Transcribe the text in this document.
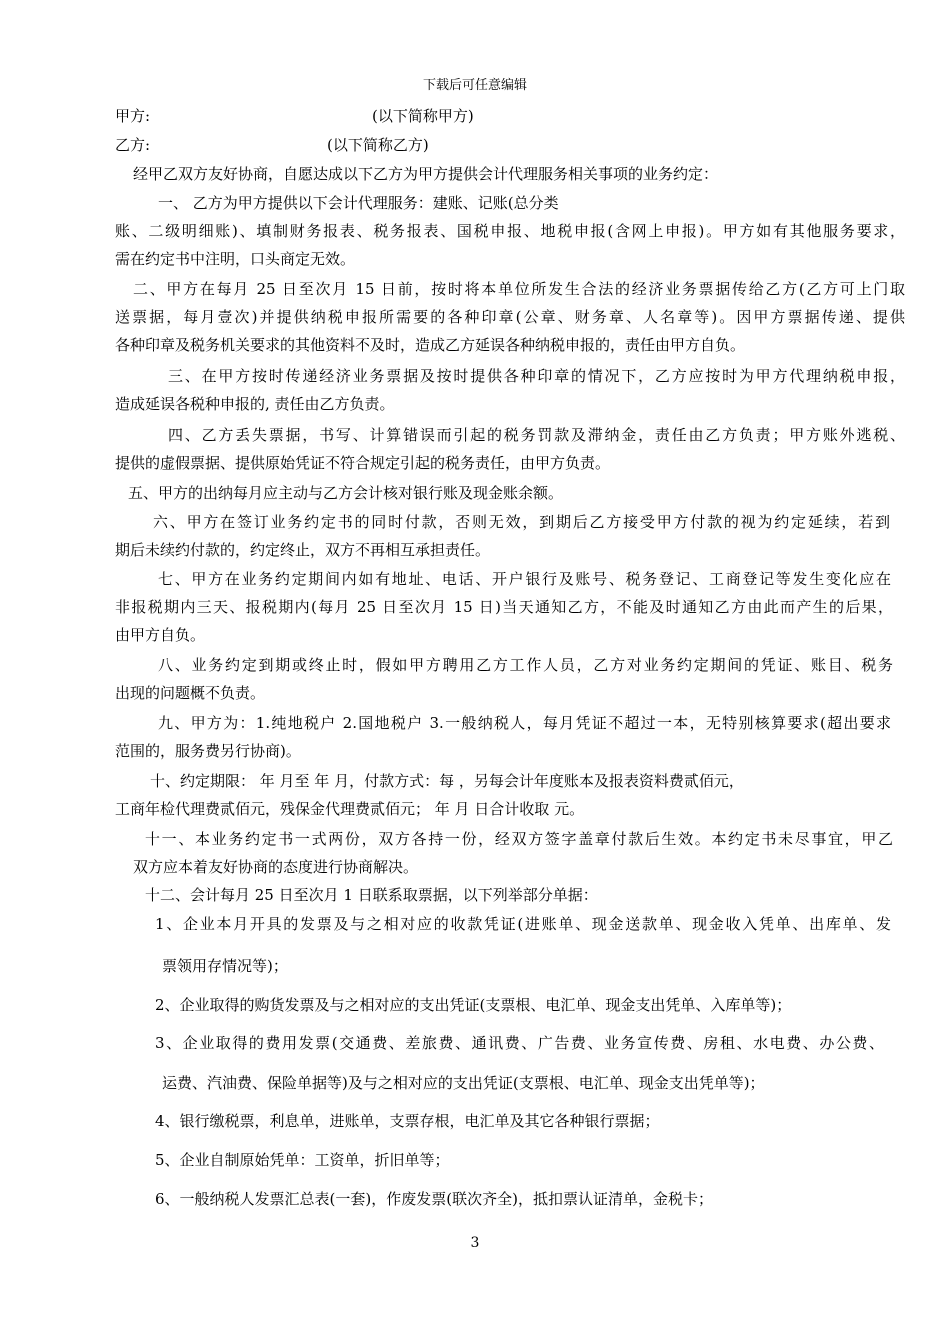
下载后可任意编辑
甲方:	(以下简称甲方)
乙方:	(以下简称乙方)
经甲乙双方友好协商，自愿达成以下乙方为甲方提供会计代理服务相关事项的业务约定：
一、 乙方为甲方提供以下会计代理服务：建账、记账(总分类
账、二级明细账)、填制财务报表、税务报表、国税申报、地税申报(含网上申报)。甲方如有其他服务要求，
需在约定书中注明，口头商定无效。
二、甲方在每月 25 日至次月 15 日前，按时将本单位所发生合法的经济业务票据传给乙方(乙方可上门取
送票据，每月壹次)并提供纳税申报所需要的各种印章(公章、财务章、人名章等)。因甲方票据传递、提供
各种印章及税务机关要求的其他资料不及时，造成乙方延误各种纳税申报的，责任由甲方自负。
三、在甲方按时传递经济业务票据及按时提供各种印章的情况下，乙方应按时为甲方代理纳税申报，
造成延误各税种申报的, 责任由乙方负责。
四、乙方丢失票据，书写、计算错误而引起的税务罚款及滞纳金，责任由乙方负责；甲方账外逃税、
提供的虚假票据、提供原始凭证不符合规定引起的税务责任，由甲方负责。
五、甲方的出纳每月应主动与乙方会计核对银行账及现金账余额。
六、甲方在签订业务约定书的同时付款，否则无效，到期后乙方接受甲方付款的视为约定延续，若到
期后未续约付款的，约定终止，双方不再相互承担责任。
七、甲方在业务约定期间内如有地址、电话、开户银行及账号、税务登记、工商登记等发生变化应在
非报税期内三天、报税期内(每月 25 日至次月 15 日)当天通知乙方，不能及时通知乙方由此而产生的后果，
由甲方自负。
八、业务约定到期或终止时，假如甲方聘用乙方工作人员，乙方对业务约定期间的凭证、账目、税务
出现的问题概不负责。
九、甲方为：1.纯地税户 2.国地税户 3.一般纳税人，每月凭证不超过一本，无特别核算要求(超出要求
范围的，服务费另行协商)。
十、约定期限： 年 月至 年 月，付款方式：每 ，另每会计年度账本及报表资料费贰佰元，
工商年检代理费贰佰元，残保金代理费贰佰元； 年 月 日合计收取 元。
十一、本业务约定书一式两份，双方各持一份，经双方签字盖章付款后生效。本约定书未尽事宜，甲乙
双方应本着友好协商的态度进行协商解决。
十二、会计每月 25 日至次月 1 日联系取票据，以下列举部分单据：
1、企业本月开具的发票及与之相对应的收款凭证(进账单、现金送款单、现金收入凭单、出库单、发
票领用存情况等)；
2、企业取得的购货发票及与之相对应的支出凭证(支票根、电汇单、现金支出凭单、入库单等)；
3、企业取得的费用发票(交通费、差旅费、通讯费、广告费、业务宣传费、房租、水电费、办公费、
运费、汽油费、保险单据等)及与之相对应的支出凭证(支票根、电汇单、现金支出凭单等)；
4、银行缴税票，利息单，进账单，支票存根，电汇单及其它各种银行票据；
5、企业自制原始凭单：工资单，折旧单等；
6、一般纳税人发票汇总表(一套)，作废发票(联次齐全)，抵扣票认证清单，金税卡；
3
